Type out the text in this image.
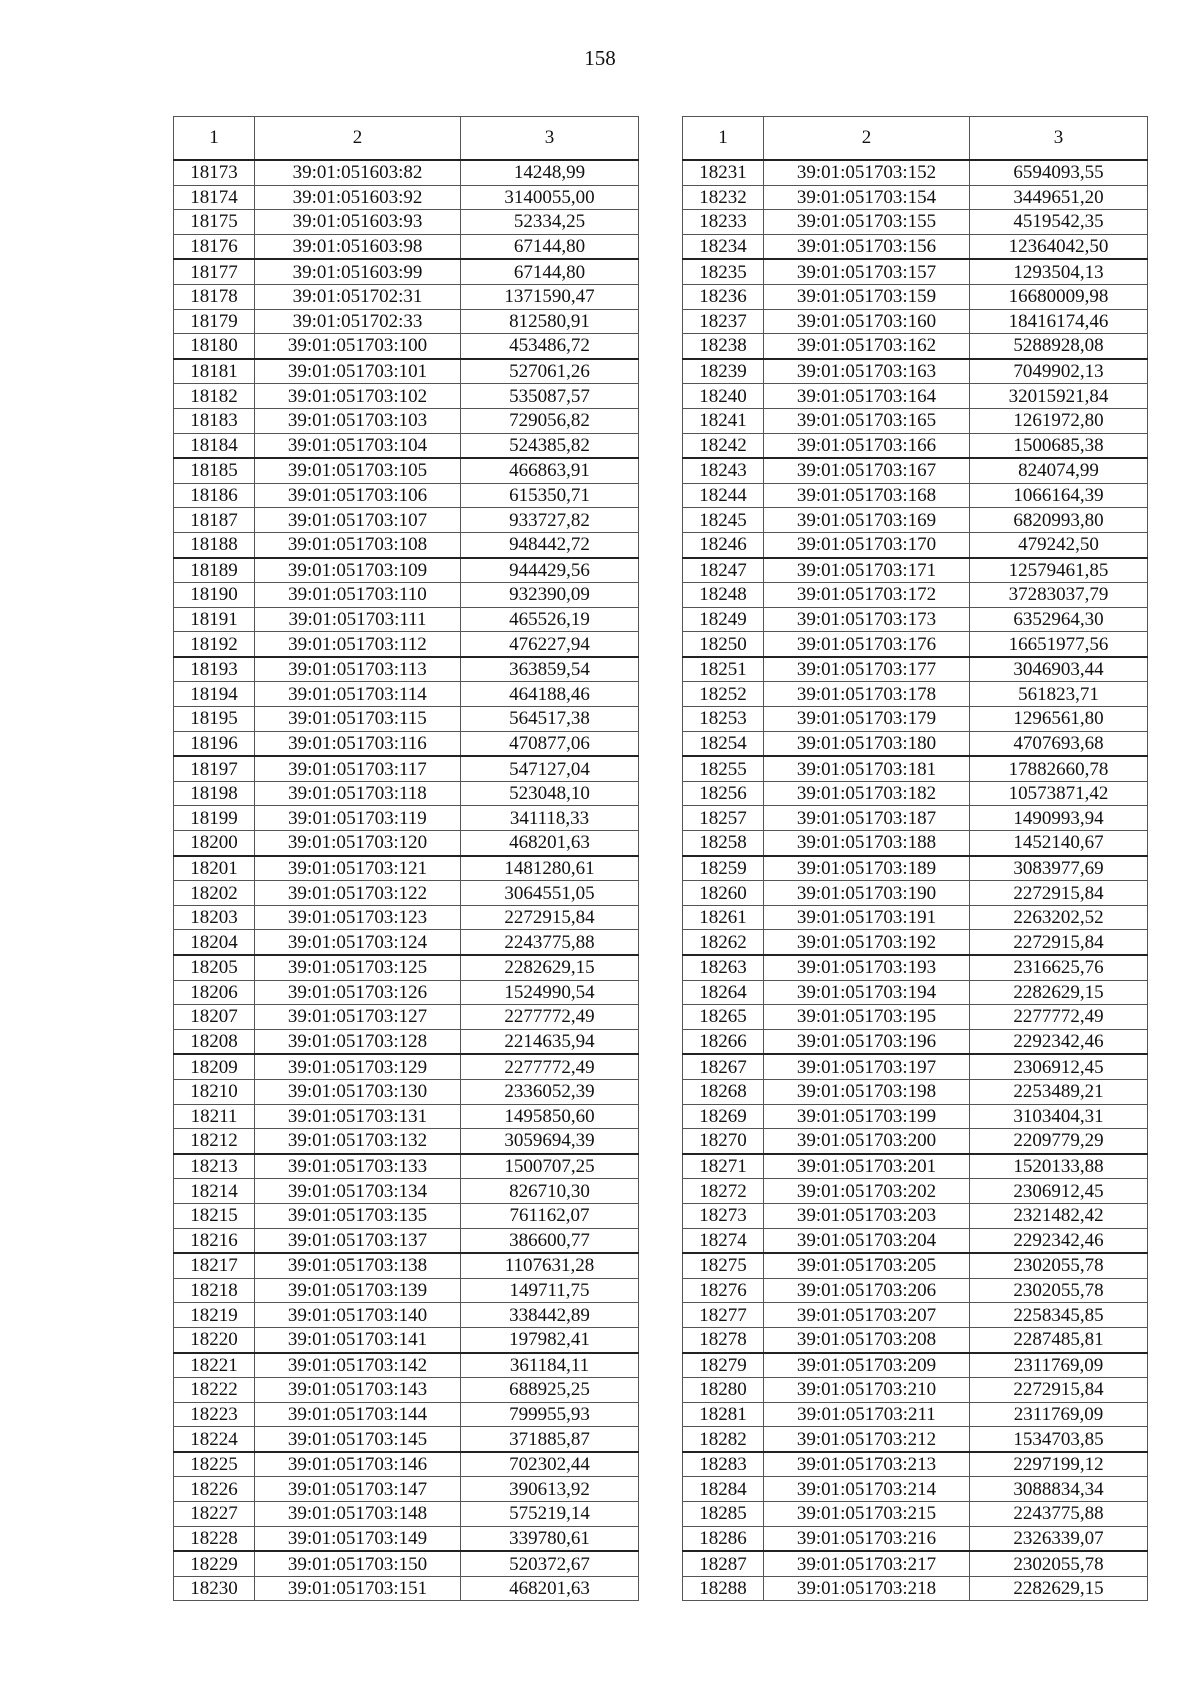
158
1	2	3
18173	39:01:051603:82	14248,99
18174	39:01:051603:92	3140055,00
18175	39:01:051603:93	52334,25
18176	39:01:051603:98	67144,80
18177	39:01:051603:99	67144,80
18178	39:01:051702:31	1371590,47
18179	39:01:051702:33	812580,91
18180	39:01:051703:100	453486,72
18181	39:01:051703:101	527061,26
18182	39:01:051703:102	535087,57
18183	39:01:051703:103	729056,82
18184	39:01:051703:104	524385,82
18185	39:01:051703:105	466863,91
18186	39:01:051703:106	615350,71
18187	39:01:051703:107	933727,82
18188	39:01:051703:108	948442,72
18189	39:01:051703:109	944429,56
18190	39:01:051703:110	932390,09
18191	39:01:051703:111	465526,19
18192	39:01:051703:112	476227,94
18193	39:01:051703:113	363859,54
18194	39:01:051703:114	464188,46
18195	39:01:051703:115	564517,38
18196	39:01:051703:116	470877,06
18197	39:01:051703:117	547127,04
18198	39:01:051703:118	523048,10
18199	39:01:051703:119	341118,33
18200	39:01:051703:120	468201,63
18201	39:01:051703:121	1481280,61
18202	39:01:051703:122	3064551,05
18203	39:01:051703:123	2272915,84
18204	39:01:051703:124	2243775,88
18205	39:01:051703:125	2282629,15
18206	39:01:051703:126	1524990,54
18207	39:01:051703:127	2277772,49
18208	39:01:051703:128	2214635,94
18209	39:01:051703:129	2277772,49
18210	39:01:051703:130	2336052,39
18211	39:01:051703:131	1495850,60
18212	39:01:051703:132	3059694,39
18213	39:01:051703:133	1500707,25
18214	39:01:051703:134	826710,30
18215	39:01:051703:135	761162,07
18216	39:01:051703:137	386600,77
18217	39:01:051703:138	1107631,28
18218	39:01:051703:139	149711,75
18219	39:01:051703:140	338442,89
18220	39:01:051703:141	197982,41
18221	39:01:051703:142	361184,11
18222	39:01:051703:143	688925,25
18223	39:01:051703:144	799955,93
18224	39:01:051703:145	371885,87
18225	39:01:051703:146	702302,44
18226	39:01:051703:147	390613,92
18227	39:01:051703:148	575219,14
18228	39:01:051703:149	339780,61
18229	39:01:051703:150	520372,67
18230	39:01:051703:151	468201,63
1	2	3
18231	39:01:051703:152	6594093,55
18232	39:01:051703:154	3449651,20
18233	39:01:051703:155	4519542,35
18234	39:01:051703:156	12364042,50
18235	39:01:051703:157	1293504,13
18236	39:01:051703:159	16680009,98
18237	39:01:051703:160	18416174,46
18238	39:01:051703:162	5288928,08
18239	39:01:051703:163	7049902,13
18240	39:01:051703:164	32015921,84
18241	39:01:051703:165	1261972,80
18242	39:01:051703:166	1500685,38
18243	39:01:051703:167	824074,99
18244	39:01:051703:168	1066164,39
18245	39:01:051703:169	6820993,80
18246	39:01:051703:170	479242,50
18247	39:01:051703:171	12579461,85
18248	39:01:051703:172	37283037,79
18249	39:01:051703:173	6352964,30
18250	39:01:051703:176	16651977,56
18251	39:01:051703:177	3046903,44
18252	39:01:051703:178	561823,71
18253	39:01:051703:179	1296561,80
18254	39:01:051703:180	4707693,68
18255	39:01:051703:181	17882660,78
18256	39:01:051703:182	10573871,42
18257	39:01:051703:187	1490993,94
18258	39:01:051703:188	1452140,67
18259	39:01:051703:189	3083977,69
18260	39:01:051703:190	2272915,84
18261	39:01:051703:191	2263202,52
18262	39:01:051703:192	2272915,84
18263	39:01:051703:193	2316625,76
18264	39:01:051703:194	2282629,15
18265	39:01:051703:195	2277772,49
18266	39:01:051703:196	2292342,46
18267	39:01:051703:197	2306912,45
18268	39:01:051703:198	2253489,21
18269	39:01:051703:199	3103404,31
18270	39:01:051703:200	2209779,29
18271	39:01:051703:201	1520133,88
18272	39:01:051703:202	2306912,45
18273	39:01:051703:203	2321482,42
18274	39:01:051703:204	2292342,46
18275	39:01:051703:205	2302055,78
18276	39:01:051703:206	2302055,78
18277	39:01:051703:207	2258345,85
18278	39:01:051703:208	2287485,81
18279	39:01:051703:209	2311769,09
18280	39:01:051703:210	2272915,84
18281	39:01:051703:211	2311769,09
18282	39:01:051703:212	1534703,85
18283	39:01:051703:213	2297199,12
18284	39:01:051703:214	3088834,34
18285	39:01:051703:215	2243775,88
18286	39:01:051703:216	2326339,07
18287	39:01:051703:217	2302055,78
18288	39:01:051703:218	2282629,15
